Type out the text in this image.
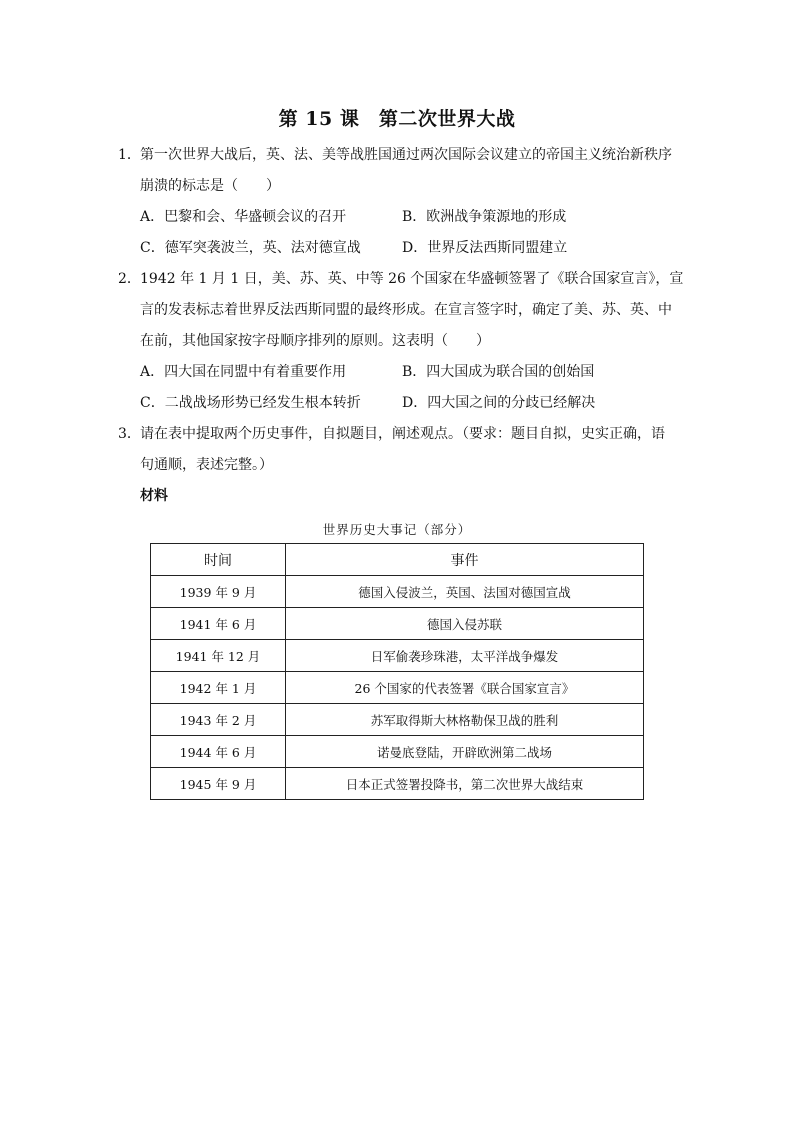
第 15 课　第二次世界大战
1． 第一次世界大战后，英、法、美等战胜国通过两次国际会议建立的帝国主义统治新秩序
崩溃的标志是（　　）
A．巴黎和会、华盛顿会议的召开	B．欧洲战争策源地的形成
C．德军突袭波兰，英、法对德宣战	D．世界反法西斯同盟建立
2． 1942 年 1 月 1 日，美、苏、英、中等 26 个国家在华盛顿签署了《联合国家宣言》，宣
言的发表标志着世界反法西斯同盟的最终形成。在宣言签字时，确定了美、苏、英、中
在前，其他国家按字母顺序排列的原则。这表明（　　）
A．四大国在同盟中有着重要作用	B．四大国成为联合国的创始国
C．二战战场形势已经发生根本转折	D．四大国之间的分歧已经解决
3． 请在表中提取两个历史事件，自拟题目，阐述观点。（要求：题目自拟，史实正确，语
句通顺，表述完整。）
材料
世界历史大事记（部分）
时间	事件
1939 年 9 月	德国入侵波兰，英国、法国对德国宣战
1941 年 6 月	德国入侵苏联
1941 年 12 月	日军偷袭珍珠港，太平洋战争爆发
1942 年 1 月	26 个国家的代表签署《联合国家宣言》
1943 年 2 月	苏军取得斯大林格勒保卫战的胜利
1944 年 6 月	诺曼底登陆，开辟欧洲第二战场
1945 年 9 月	日本正式签署投降书，第二次世界大战结束
